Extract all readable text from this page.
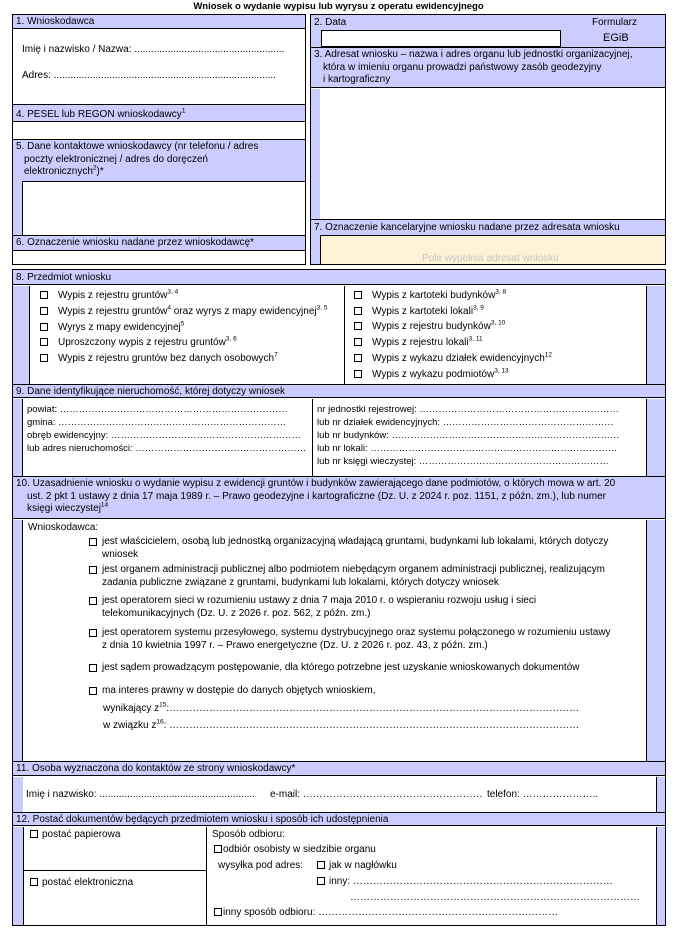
Wniosek o wydanie wypisu lub wyrysu z operatu ewidencyjnego
1. Wnioskodawca
Imię i nazwisko / Nazwa: ......................................................
Adres: ................................................................................
2. Data	Formularz
EGiB
3. Adresat wniosku – nazwa i adres organu lub jednostki organizacyjnej,
która w imieniu organu prowadzi państwowy zasób geodezyjny
i kartograficzny
4. PESEL lub REGON wnioskodawcy$^1$
5. Dane kontaktowe wnioskodawcy (nr telefonu / adres
poczty elektronicznej / adres do doręczeń
elektronicznych$^2$)*
6. Oznaczenie wniosku nadane przez wnioskodawcę*
7. Oznaczenie kancelaryjne wniosku nadane przez adresata wniosku
Pole wypełnia adresat wniosku
8. Przedmiot wniosku
Wypis z rejestru gruntów$^{3, 4}$
Wypis z rejestru gruntów$^4$ oraz wyrys z mapy ewidencyjnej$^{3, 5}$
Wyrys z mapy ewidencyjnej$^5$
Uproszczony wypis z rejestru gruntów$^{3, 6}$
Wypis z rejestru gruntów bez danych osobowych$^7$
Wypis z kartoteki budynków$^{3, 8}$
Wypis z kartoteki lokali$^{3, 9}$
Wypis z rejestru budynków$^{3, 10}$
Wypis z rejestru lokali$^{3, 11}$
Wypis z wykazu działek ewidencyjnych$^{12}$
Wypis z wykazu podmiotów$^{3, 13}$
9. Dane identyfikujące nieruchomość, której dotyczy wniosek
powiat: ………………………………………………………………
gmina: ………………………………………………………………
obręb ewidencyjny: ……………………………………………………
lub adres nieruchomości: ………………………………………………
nr jednostki rejestrowej: ………………………………………………………
lub nr działek ewidencyjnych: ………………………………………………
lub nr budynków: ………………………………………………………………
lub nr lokali: ……………………………………………………………………
lub nr księgi wieczystej: ……………………………………………………
10. Uzasadnienie wniosku o wydanie wypisu z ewidencji gruntów i budynków zawierającego dane podmiotów, o których mowa w art. 20
ust. 2 pkt 1 ustawy z dnia 17 maja 1989 r. – Prawo geodezyjne i kartograficzne (Dz. U. z 2024 r. poz. 1151, z późn. zm.), lub numer
księgi wieczystej$^{14}$
Wnioskodawca:
jest właścicielem, osobą lub jednostką organizacyjną władającą gruntami, budynkami lub lokalami, których dotyczy
wniosek
jest organem administracji publicznej albo podmiotem niebędącym organem administracji publicznej, realizującym
zadania publiczne związane z gruntami, budynkami lub lokalami, których dotyczy wniosek
jest operatorem sieci w rozumieniu ustawy z dnia 7 maja 2010 r. o wspieraniu rozwoju usług i sieci
telekomunikacyjnych (Dz. U. z 2026 r. poz. 562, z późn. zm.)
jest operatorem systemu przesyłowego, systemu dystrybucyjnego oraz systemu połączonego w rozumieniu ustawy
z dnia 10 kwietnia 1997 r. – Prawo energetyczne (Dz. U. z 2026 r. poz. 43, z późn. zm.)
jest sądem prowadzącym postępowanie, dla którego potrzebne jest uzyskanie wnioskowanych dokumentów
ma interes prawny w dostępie do danych objętych wnioskiem,
wynikający $z^{15}:\dots\dots\dots\dots\dots\dots\dots\dots\dots\dots\dots\dots\dots\dots\dots\dots\dots\dots\dots\dots\dots\dots\dots\dots\dots\dots\dots\dots\dots\dots\dots\dots\dots\dots\dots\dots\dots\dots\dots\dots\dots$
w związku $z^{16}$: ……………………………………………………………………………………………………………
11. Osoba wyznaczona do kontaktów ze strony wnioskodawcy*
Imię i nazwisko: ........................................................ e-mail: ……………………………………………… telefon: …………………..
12. Postać dokumentów będących przedmiotem wniosku i sposób ich udostępnienia
postać papierowa
postać elektroniczna
Sposób odbioru:
odbiór osobisty w siedzibie organu
wysyłka pod adres:	jak w nagłówku
inny: ……………………………………………………………………
……………………………………………………………………………
inny sposób odbioru: ………………………………………………………………
